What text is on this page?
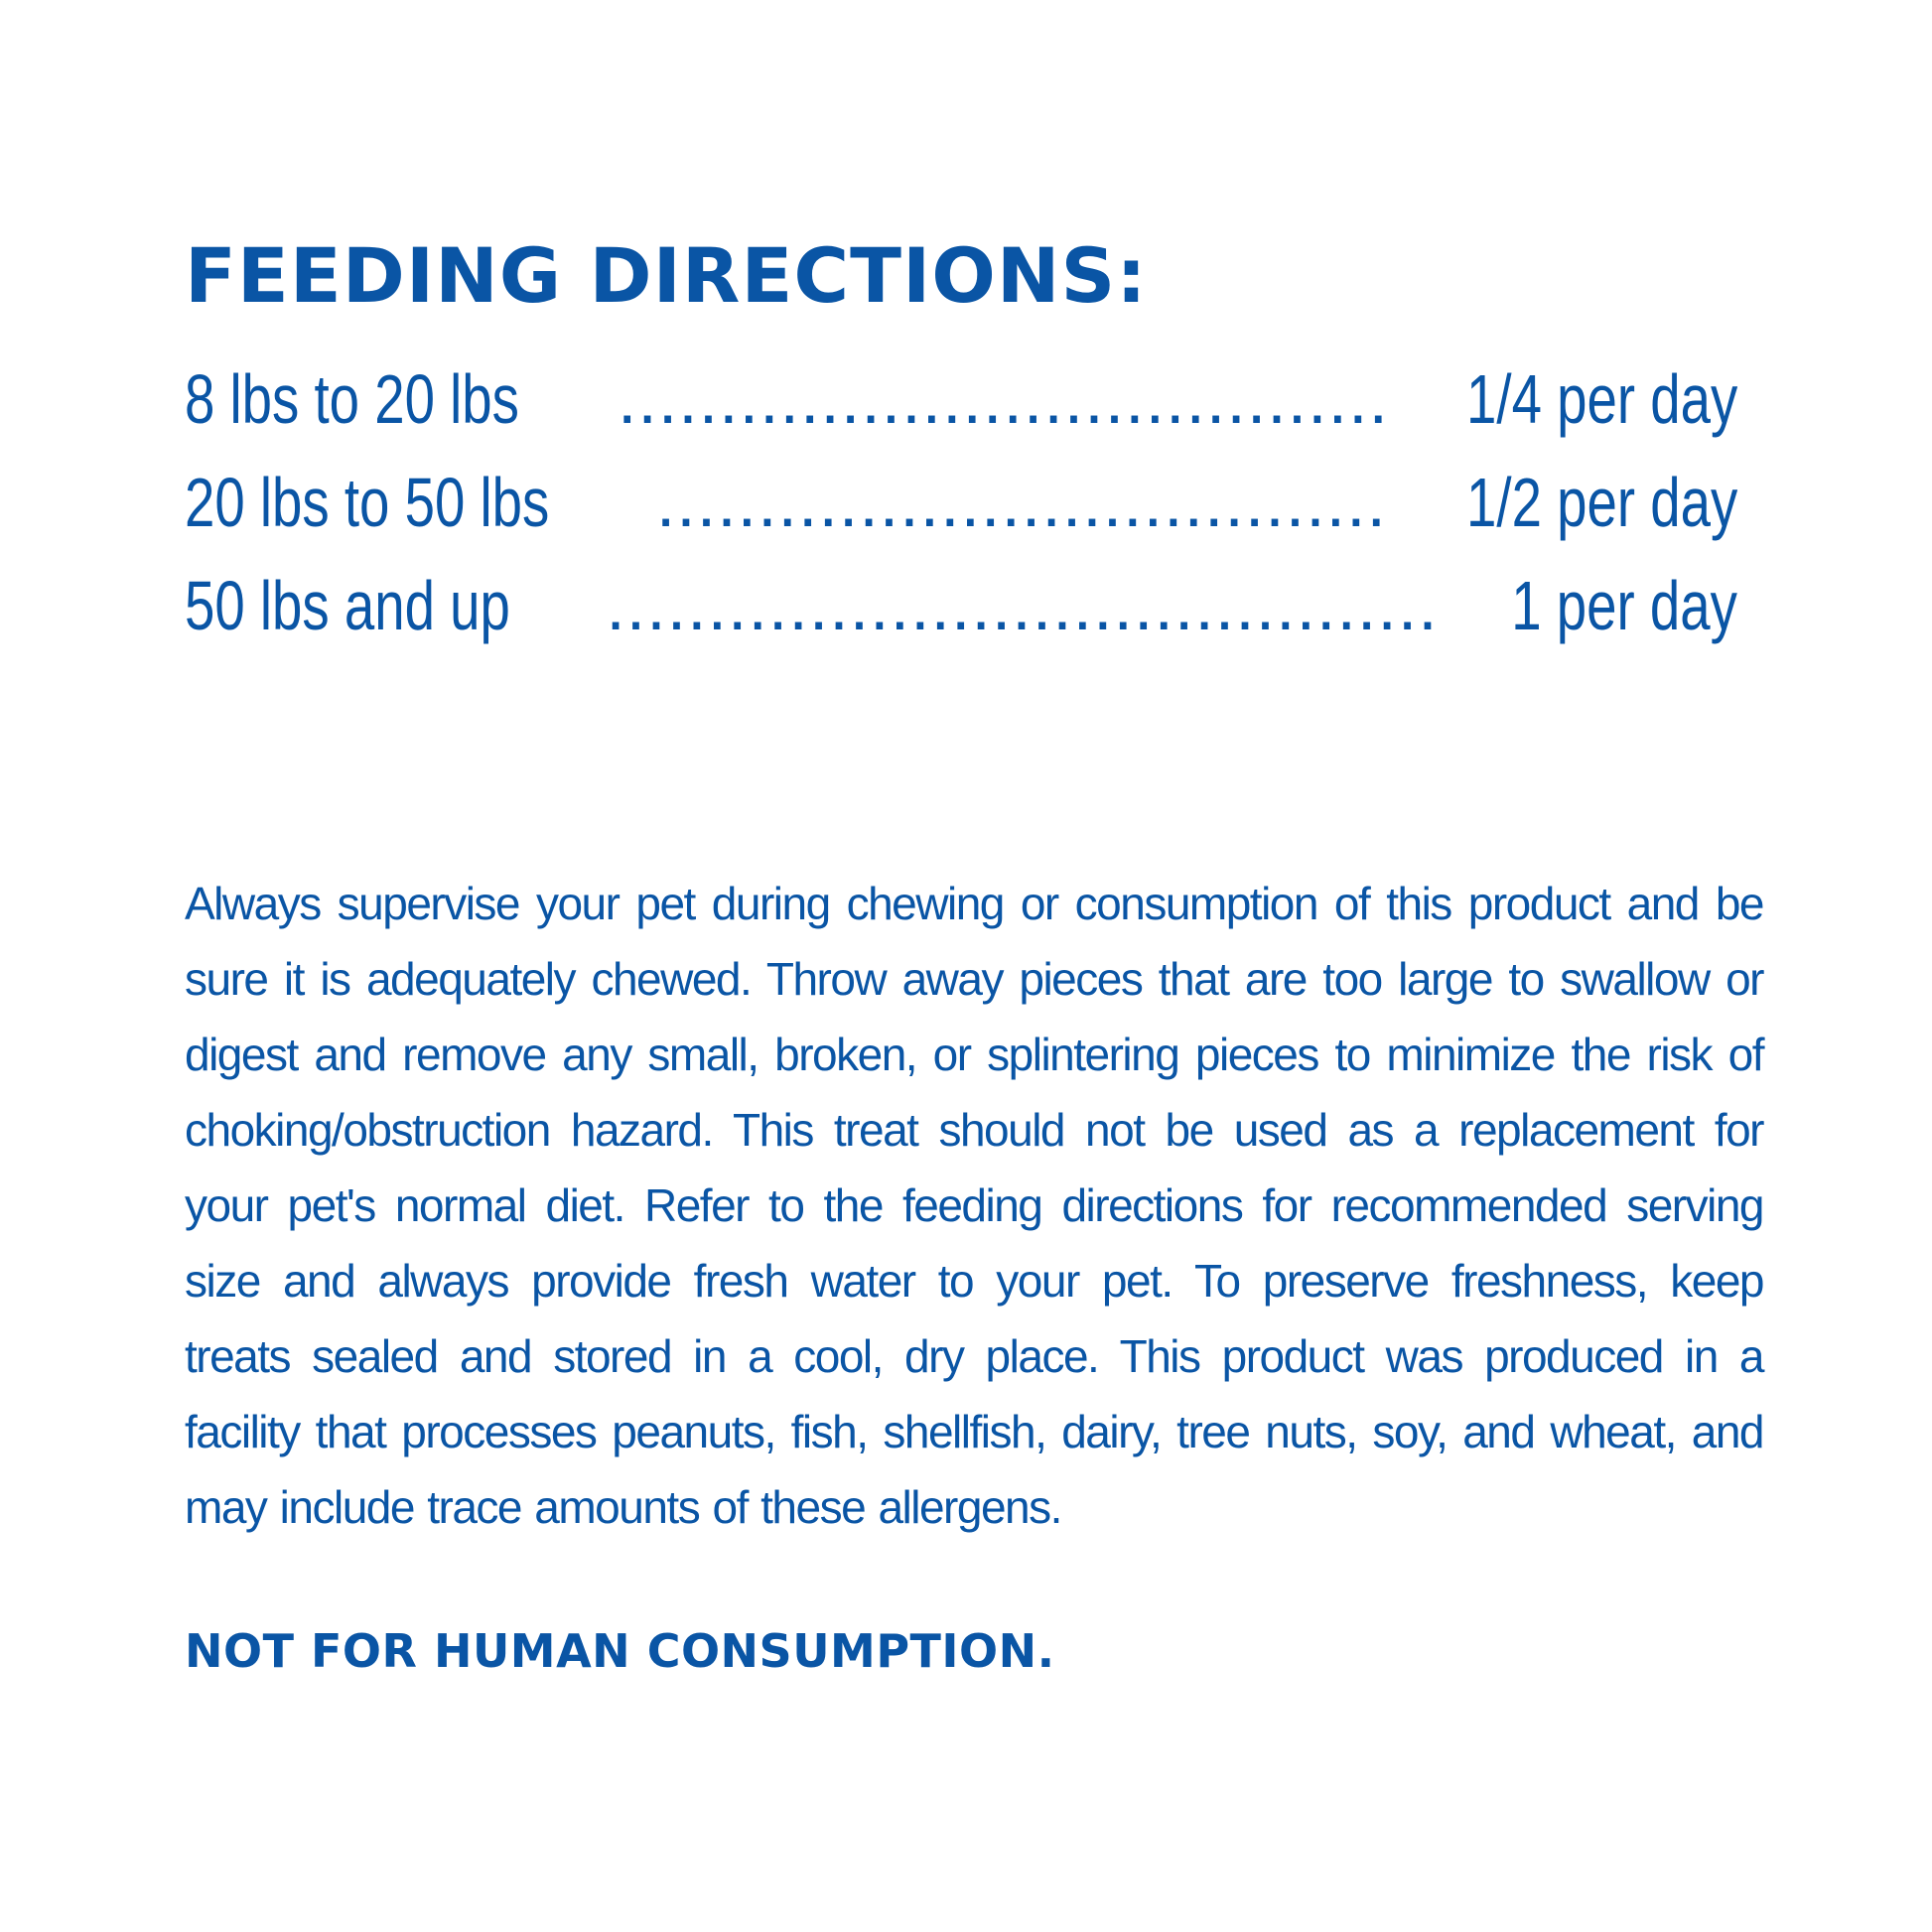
FEEDING DIRECTIONS:
8 lbs to 20 lbs .....	1/4 per day
20 lbs to 50 lbs .....	1/2 per day
50 lbs and up .....	1 per day

Always supervise your pet during chewing or consumption of this product and be sure it is adequately chewed. Throw away pieces that are too large to swallow or digest and remove any small, broken, or splintering pieces to minimize the risk of choking/obstruction hazard. This treat should not be used as a replacement for your pet's normal diet. Refer to the feeding directions for recommended serving size and always provide fresh water to your pet. To preserve freshness, keep treats sealed and stored in a cool, dry place. This product was produced in a facility that processes peanuts, fish, shellfish, dairy, tree nuts, soy, and wheat, and may include trace amounts of these allergens.

NOT FOR HUMAN CONSUMPTION.
